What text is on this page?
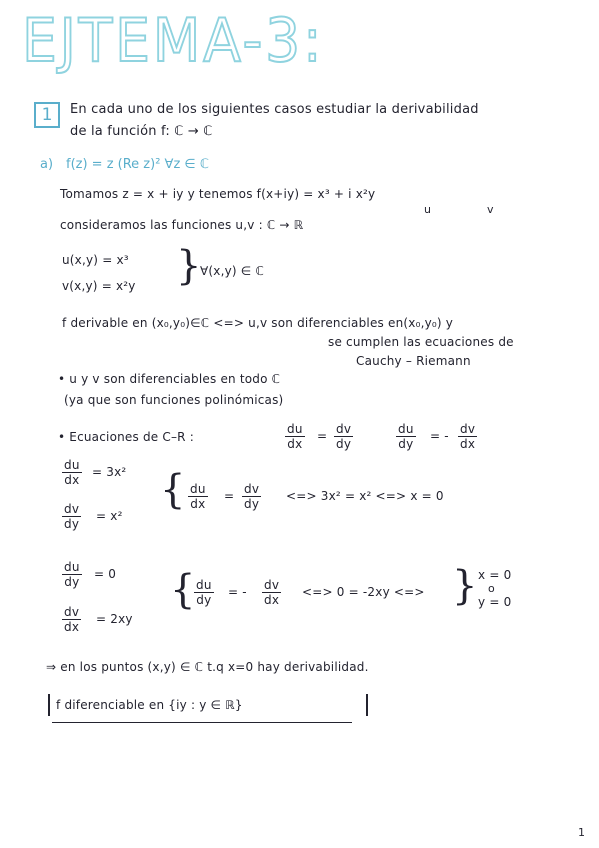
EJTEMA-3:
1	En cada uno de los siguientes casos estudiar la derivabilidad
de la función f: ℂ → ℂ
a) f(z) = z (Re z)² ∀z ∈ ℂ
Tomamos z = x + iy y tenemos f(x+iy) = x³ + i x²y
u	v
consideramos las funciones u,v : ℂ → ℝ
u(x,y) = x³
v(x,y) = x²y }
∀(x,y) ∈ ℂ
f derivable en (x₀,y₀)∈ℂ <=> u,v son diferenciables en(x₀,y₀) y
se cumplen las ecuaciones de
Cauchy – Riemann
• u y v son diferenciables en todo ℂ
(ya que son funciones polinómicas)
• Ecuaciones de C–R :	$\frac{du}{dx} = \frac{dv}{dy}$	$\frac{du}{dy}$ = - $\frac{dv}{dx}$
$\frac{du}{dx} = 3x^2$
$\frac{dv}{dy} = x^2$
{ $\frac{du}{dx} = \frac{dv}{dy}$ <=> 3x² = x² <=> x = 0
$\frac{du}{dy} = 0$
$\frac{dv}{dx} = 2xy$
{
$\frac{du}{dy}$ = - $\frac{dv}{dx}$ <=> 0 = -2xy <=> } x = 0
o
y = 0
⇒ en los puntos (x,y) ∈ ℂ t.q x=0 hay derivabilidad.
f diferenciable en {iy : y ∈ ℝ}
1
